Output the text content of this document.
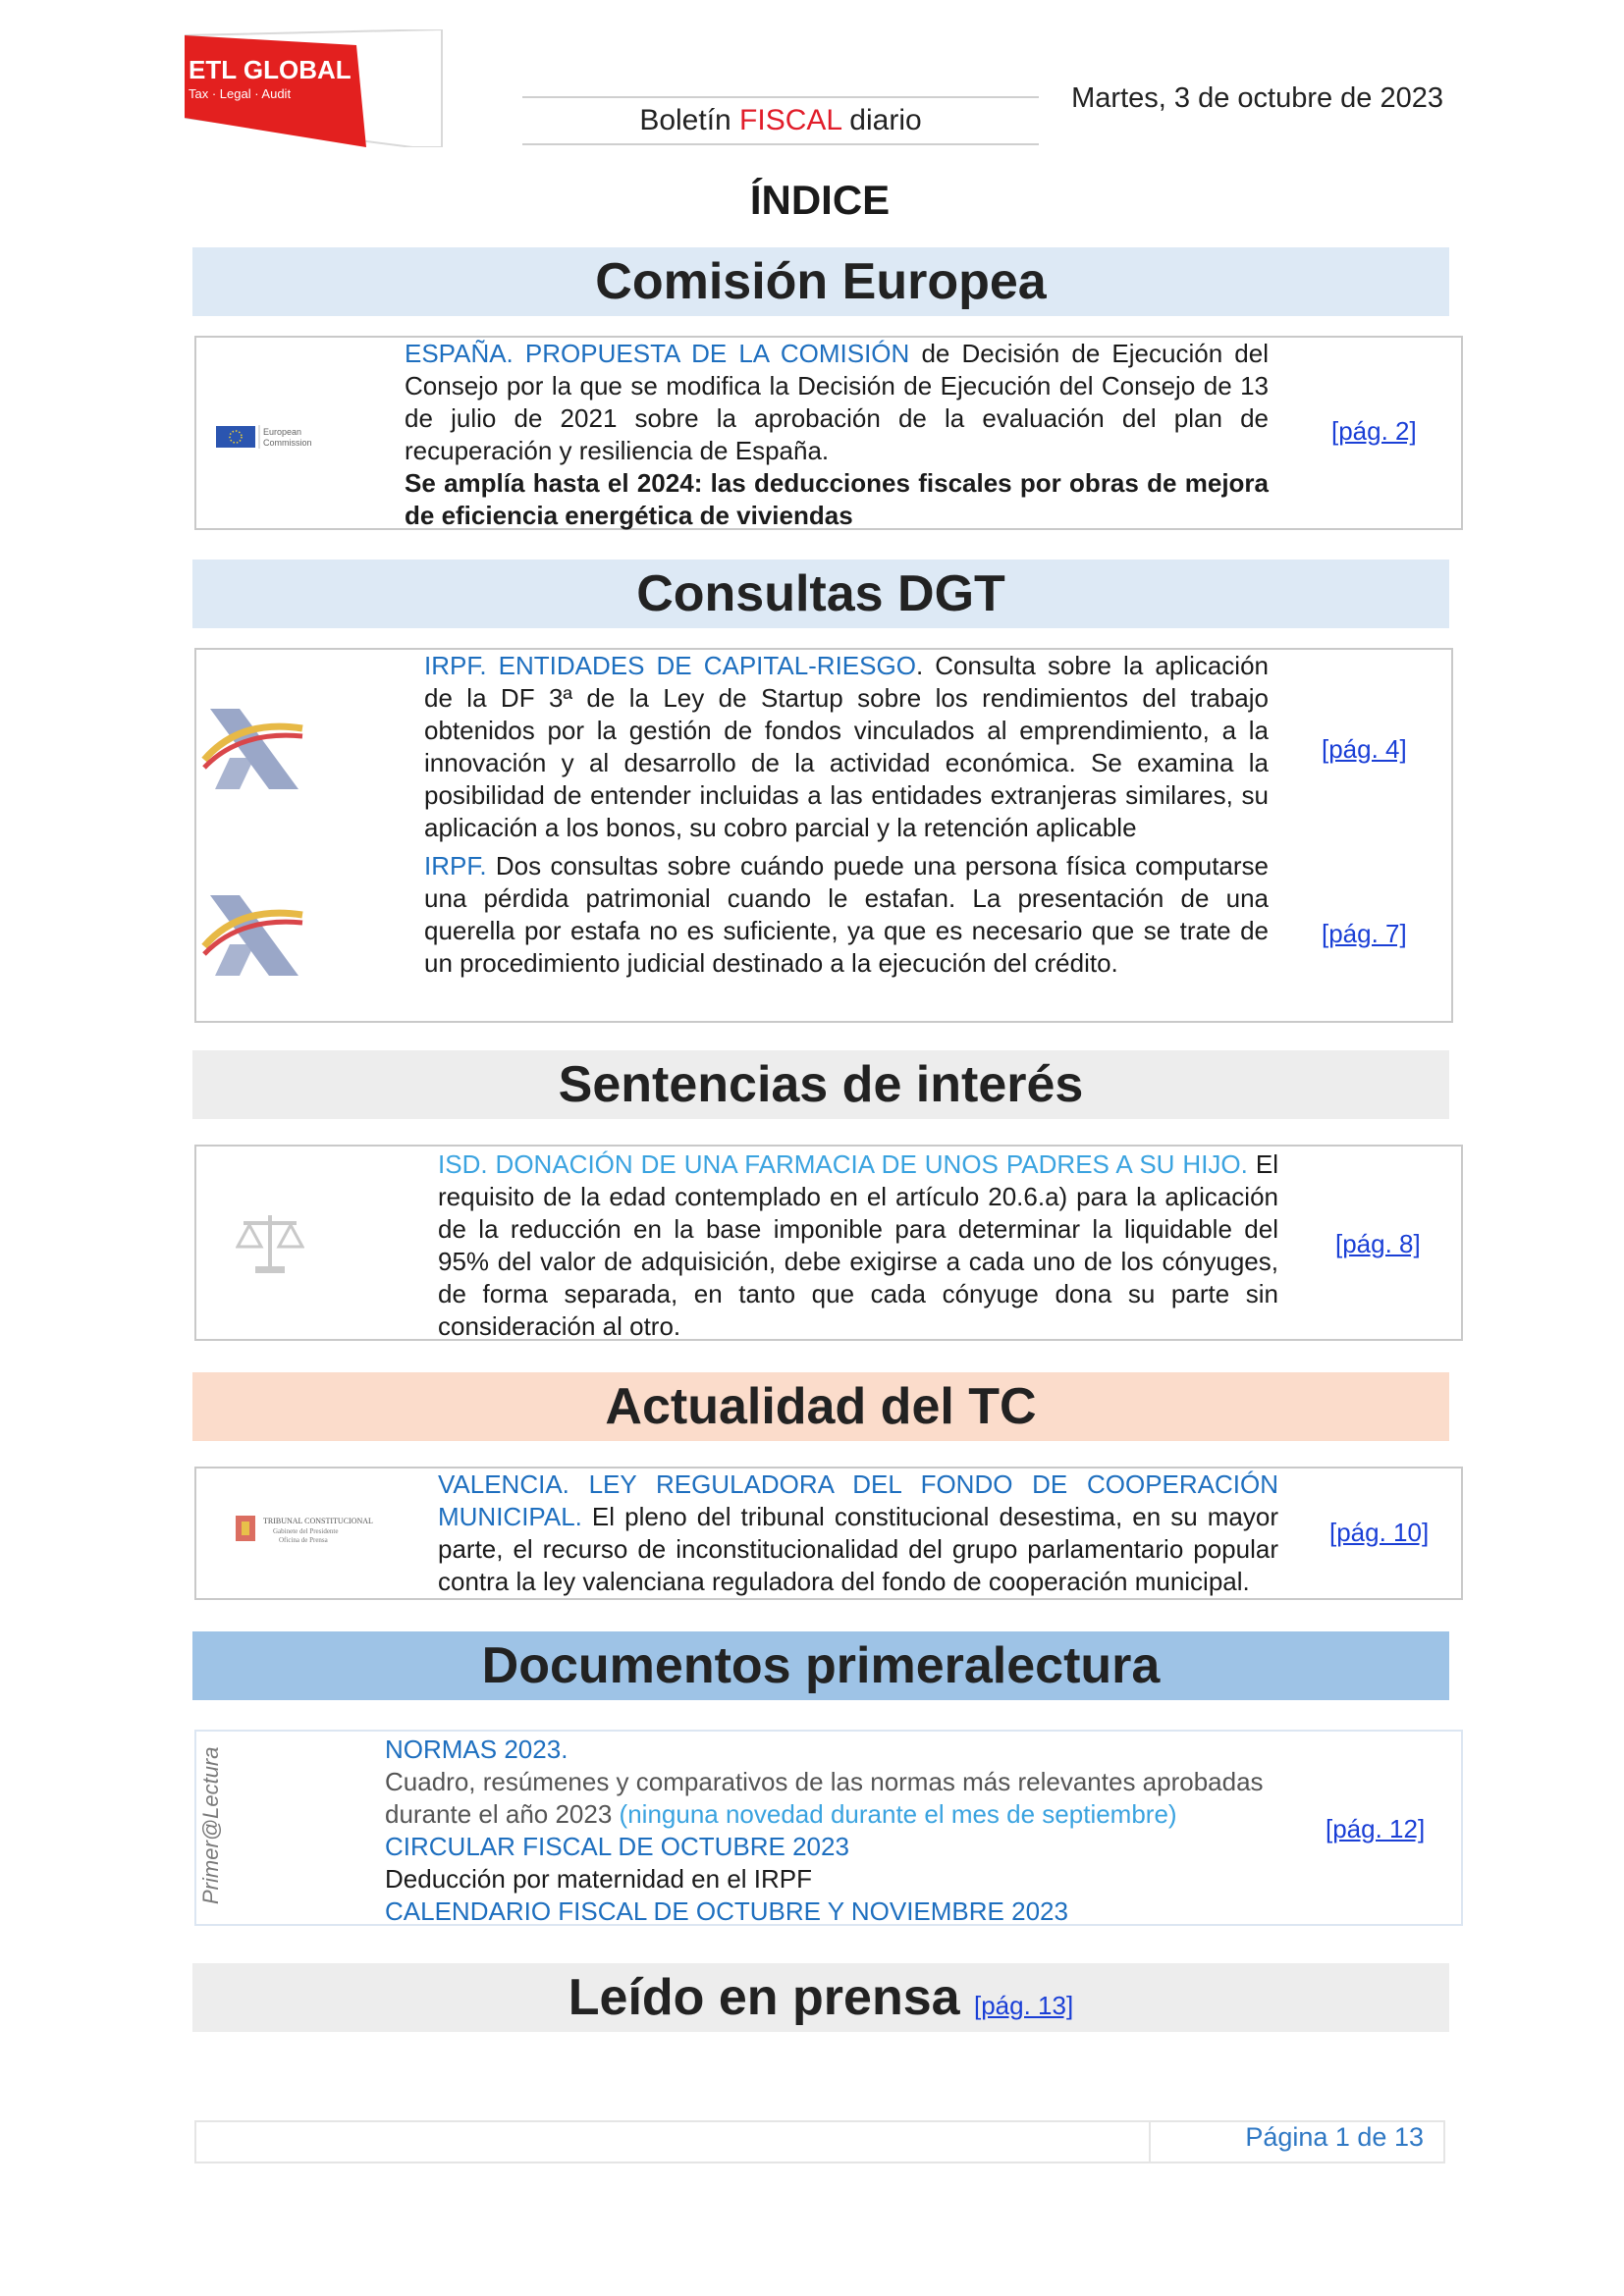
ETL GLOBAL
Tax · Legal · Audit
Boletín FISCAL diario
Martes, 3 de octubre de 2023
ÍNDICE
Comisión Europea
European
Commission
ESPAÑA. PROPUESTA DE LA COMISIÓN de Decisión de Ejecución del Consejo por la que se modifica la Decisión de Ejecución del Consejo de 13 de julio de 2021 sobre la aprobación de la evaluación del plan de recuperación y resiliencia de España.
Se amplía hasta el 2024: las deducciones fiscales por obras de mejora de eficiencia energética de viviendas
[pág. 2]
Consultas DGT
IRPF. ENTIDADES DE CAPITAL-RIESGO. Consulta sobre la aplicación de la DF 3ª de la Ley de Startup sobre los rendimientos del trabajo obtenidos por la gestión de fondos vinculados al emprendimiento, a la innovación y al desarrollo de la actividad económica. Se examina la posibilidad de entender incluidas a las entidades extranjeras similares, su aplicación a los bonos, su cobro parcial y la retención aplicable
[pág. 4]
IRPF. Dos consultas sobre cuándo puede una persona física computarse una pérdida patrimonial cuando le estafan. La presentación de una querella por estafa no es suficiente, ya que es necesario que se trate de un procedimiento judicial destinado a la ejecución del crédito.
[pág. 7]
Sentencias de interés
ISD. DONACIÓN DE UNA FARMACIA DE UNOS PADRES A SU HIJO. El requisito de la edad contemplado en el artículo 20.6.a) para la aplicación de la reducción en la base imponible para determinar la liquidable del 95% del valor de adquisición, debe exigirse a cada uno de los cónyuges, de forma separada, en tanto que cada cónyuge dona su parte sin consideración al otro.
[pág. 8]
Actualidad del TC
TRIBUNAL CONSTITUCIONAL
Gabinete del Presidente
Oficina de Prensa
VALENCIA. LEY REGULADORA DEL FONDO DE COOPERACIÓN MUNICIPAL. El pleno del tribunal constitucional desestima, en su mayor parte, el recurso de inconstitucionalidad del grupo parlamentario popular contra la ley valenciana reguladora del fondo de cooperación municipal.
[pág. 10]
Documentos primeralectura
Primer@Lectura	NORMAS 2023.
Cuadro, resúmenes y comparativos de las normas más relevantes aprobadas durante el año 2023 (ninguna novedad durante el mes de septiembre)
CIRCULAR FISCAL DE OCTUBRE 2023
Deducción por maternidad en el IRPF
CALENDARIO FISCAL DE OCTUBRE Y NOVIEMBRE 2023
[pág. 12]
Leído en prensa [pág. 13]
Página 1 de 13
